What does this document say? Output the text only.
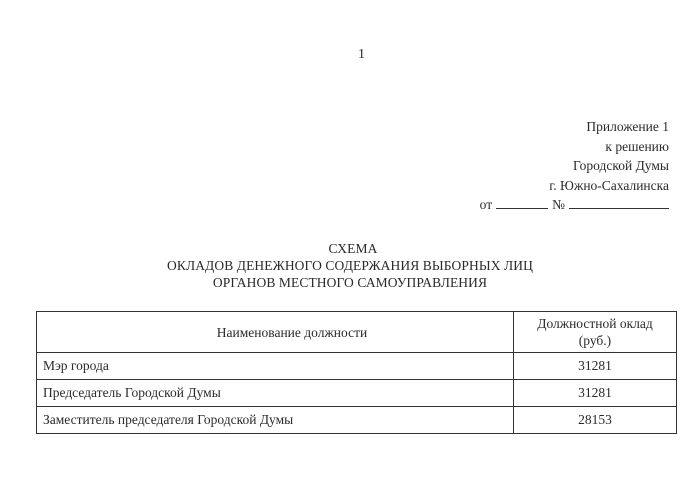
1
Приложение 1
к решению
Городской Думы
г. Южно-Сахалинска
от	№
СХЕМА
ОКЛАДОВ ДЕНЕЖНОГО СОДЕРЖАНИЯ ВЫБОРНЫХ ЛИЦ
ОРГАНОВ МЕСТНОГО САМОУПРАВЛЕНИЯ
Наименование должности	Должностной оклад
(руб.)
Мэр города	31281
Председатель Городской Думы	31281
Заместитель председателя Городской Думы	28153
